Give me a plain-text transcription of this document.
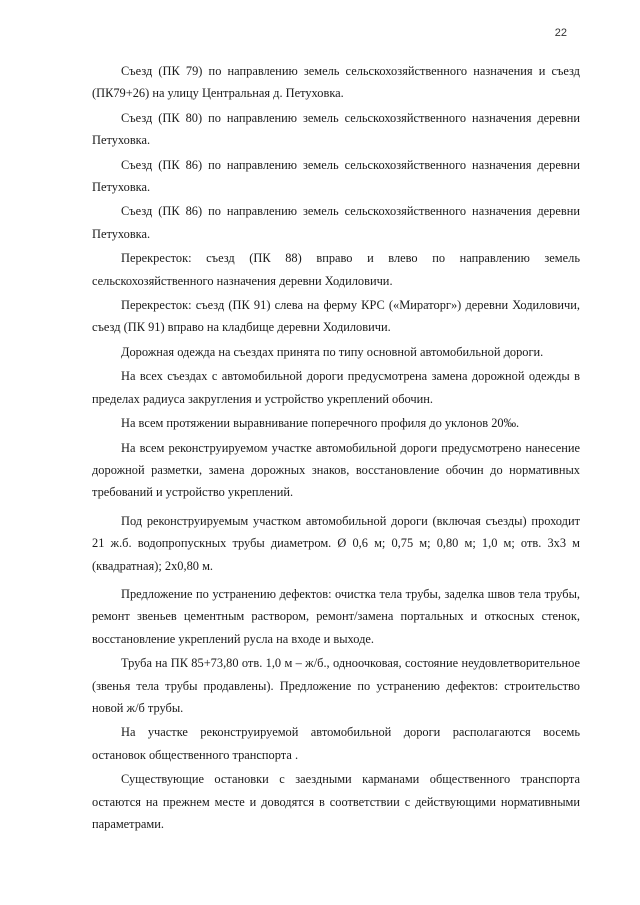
22

Съезд (ПК 79) по направлению земель сельскохозяйственного назначения и съезд (ПК79+26) на улицу Центральная д. Петуховка.

Съезд (ПК 80) по направлению земель сельскохозяйственного назначения деревни Петуховка.

Съезд (ПК 86) по направлению земель сельскохозяйственного назначения деревни Петуховка.

Съезд (ПК 86) по направлению земель сельскохозяйственного назначения деревни Петуховка.

Перекресток: съезд (ПК 88) вправо и влево по направлению земель сельскохозяйственного назначения деревни Ходиловичи.

Перекресток: съезд (ПК 91) слева на ферму КРС («Мираторг») деревни Ходиловичи, съезд (ПК 91) вправо на кладбище деревни Ходиловичи.

Дорожная одежда на съездах принята по типу основной автомобильной дороги.

На всех съездах с автомобильной дороги предусмотрена замена дорожной одежды в пределах радиуса закругления и устройство укреплений обочин.

На всем протяжении выравнивание поперечного профиля до уклонов 20‰.

На всем реконструируемом участке автомобильной дороги предусмотрено нанесение дорожной разметки, замена дорожных знаков, восстановление обочин до нормативных требований и устройство укреплений.

Под реконструируемым участком автомобильной дороги (включая съезды) проходит 21 ж.б. водопропускных трубы диаметром. Ø 0,6 м; 0,75 м; 0,80 м; 1,0 м; отв. 3х3 м (квадратная); 2х0,80 м.

Предложение по устранению дефектов: очистка тела трубы, заделка швов тела трубы, ремонт звеньев цементным раствором, ремонт/замена портальных и откосных стенок, восстановление укреплений русла на входе и выходе.

Труба на ПК 85+73,80 отв. 1,0 м – ж/б., одноочковая, состояние неудовлетворительное (звенья тела трубы продавлены). Предложение по устранению дефектов: строительство новой ж/б трубы.

На участке реконструируемой автомобильной дороги располагаются восемь остановок общественного транспорта .

Существующие остановки с заездными карманами общественного транспорта остаются на прежнем месте и доводятся в соответствии с действующими нормативными параметрами.
